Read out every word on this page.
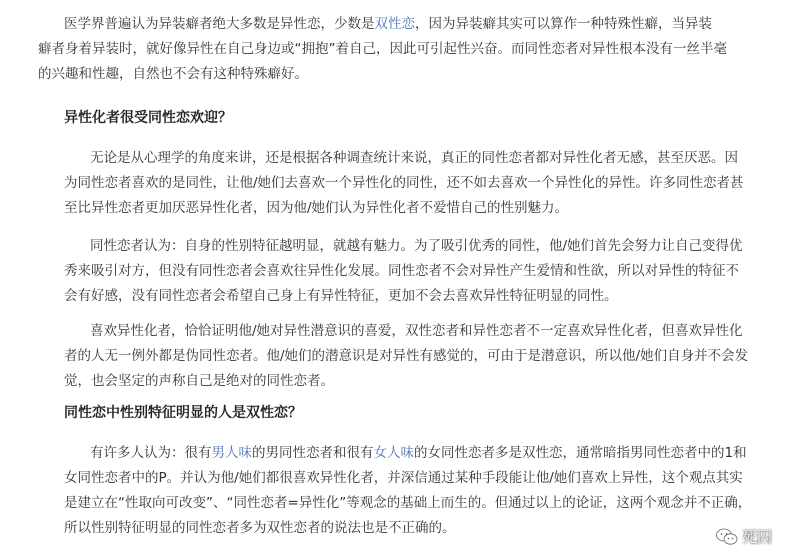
医学界普遍认为异装癖者绝大多数是异性恋，少数是双性恋，因为异装癖其实可以算作一种特殊性癖，当异装
癖者身着异装时，就好像异性在自己身边或“拥抱”着自己，因此可引起性兴奋。而同性恋者对异性根本没有一丝半毫
的兴趣和性趣，自然也不会有这种特殊癖好。

异性化者很受同性恋欢迎？

无论是从心理学的角度来讲，还是根据各种调查统计来说，真正的同性恋者都对异性化者无感，甚至厌恶。因
为同性恋者喜欢的是同性，让他/她们去喜欢一个异性化的同性，还不如去喜欢一个异性化的异性。许多同性恋者甚
至比异性恋者更加厌恶异性化者，因为他/她们认为异性化者不爱惜自己的性别魅力。

同性恋者认为：自身的性别特征越明显，就越有魅力。为了吸引优秀的同性，他/她们首先会努力让自己变得优
秀来吸引对方，但没有同性恋者会喜欢往异性化发展。同性恋者不会对异性产生爱情和性欲，所以对异性的特征不
会有好感，没有同性恋者会希望自己身上有异性特征，更加不会去喜欢异性特征明显的同性。

喜欢异性化者，恰恰证明他/她对异性潜意识的喜爱，双性恋者和异性恋者不一定喜欢异性化者，但喜欢异性化
者的人无一例外都是伪同性恋者。他/她们的潜意识是对异性有感觉的，可由于是潜意识，所以他/她们自身并不会发
觉，也会坚定的声称自己是绝对的同性恋者。

同性恋中性别特征明显的人是双性恋？

有许多人认为：很有男人味的男同性恋者和很有女人味的女同性恋者多是双性恋，通常暗指男同性恋者中的1和
女同性恋者中的P。并认为他/她们都很喜欢异性化者，并深信通过某种手段能让他/她们喜欢上异性，这个观点其实
是建立在“性取向可改变”、“同性恋者=异性化”等观念的基础上而生的。但通过以上的论证，这两个观念并不正确，
所以性别特征明显的同性恋者多为双性恋者的说法也是不正确的。	死囚
